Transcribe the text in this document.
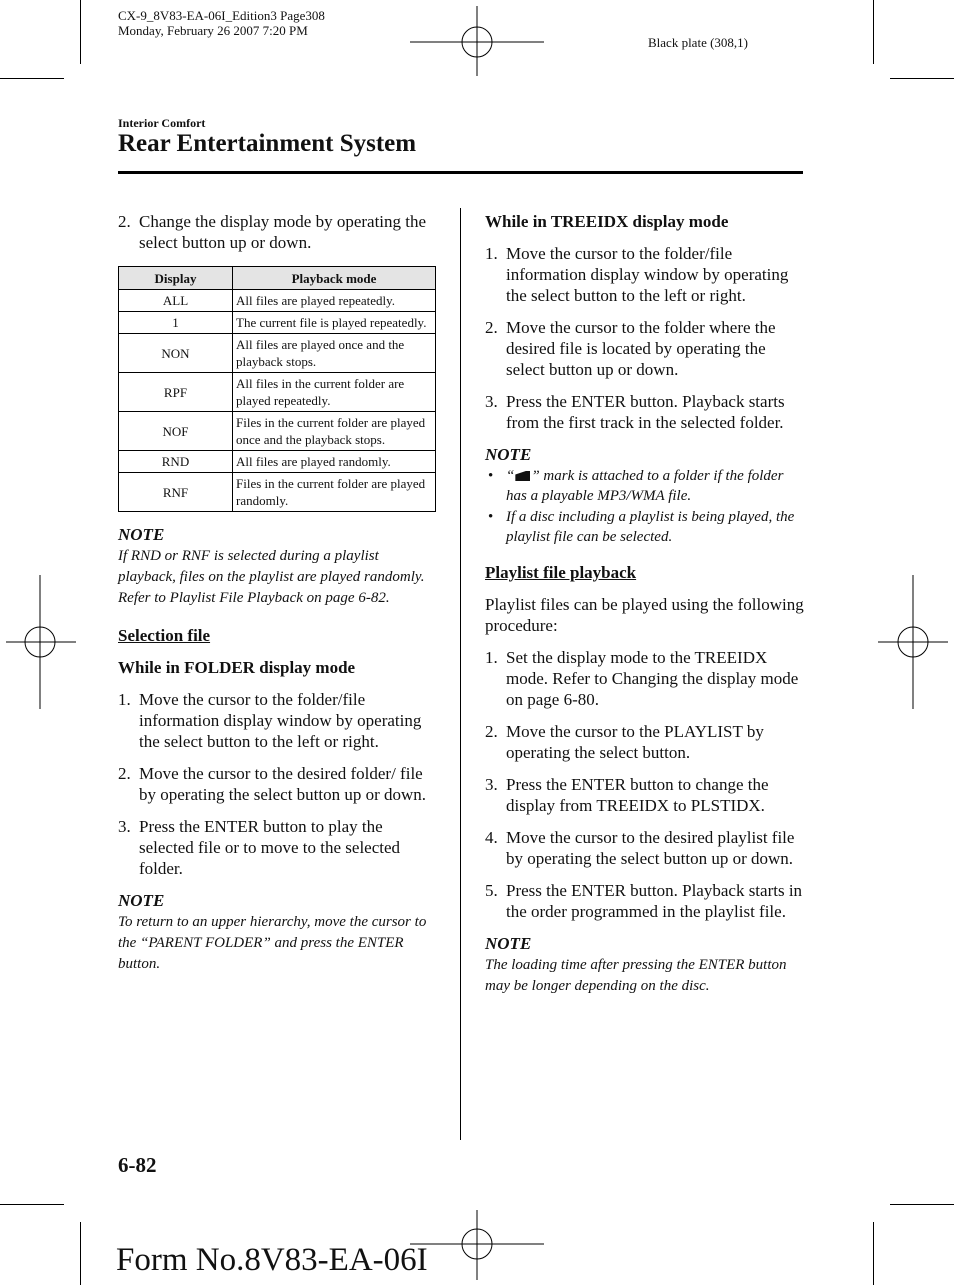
CX-9_8V83-EA-06I_Edition3 Page308
Monday, February 26 2007 7:20 PM
Black plate (308,1)
Interior Comfort
Rear Entertainment System
2. Change the display mode by operating the select button up or down.
Display	Playback mode
ALL	All files are played repeatedly.
1	The current file is played repeatedly.
NON	All files are played once and the playback stops.
RPF	All files in the current folder are played repeatedly.
NOF	Files in the current folder are played once and the playback stops.
RND	All files are played randomly.
RNF	Files in the current folder are played randomly.
NOTE

If RND or RNF is selected during a playlist playback, files on the playlist are played randomly. Refer to Playlist File Playback on page 6-82.

Selection file
While in FOLDER display mode
1. Move the cursor to the folder/file information display window by operating the select button to the left or right.
2. Move the cursor to the desired folder/ file by operating the select button up or down.
3. Press the ENTER button to play the selected file or to move to the selected folder.
NOTE

To return to an upper hierarchy, move the cursor to the “PARENT FOLDER” and press the ENTER button.

While in TREEIDX display mode
1. Move the cursor to the folder/file information display window by operating the select button to the left or right.
2. Move the cursor to the folder where the desired file is located by operating the select button up or down.
3. Press the ENTER button. Playback starts from the first track in the selected folder.
NOTE
• “ ” mark is attached to a folder if the folder has a playable MP3/WMA file.
• If a disc including a playlist is being played, the playlist file can be selected.
Playlist file playback

Playlist files can be played using the following procedure:

1. Set the display mode to the TREEIDX mode. Refer to Changing the display mode on page 6-80.
2. Move the cursor to the PLAYLIST by operating the select button.
3. Press the ENTER button to change the display from TREEIDX to PLSTIDX.
4. Move the cursor to the desired playlist file by operating the select button up or down.
5. Press the ENTER button. Playback starts in the order programmed in the playlist file.
NOTE

The loading time after pressing the ENTER button may be longer depending on the disc.

6-82
Form No.8V83-EA-06I
